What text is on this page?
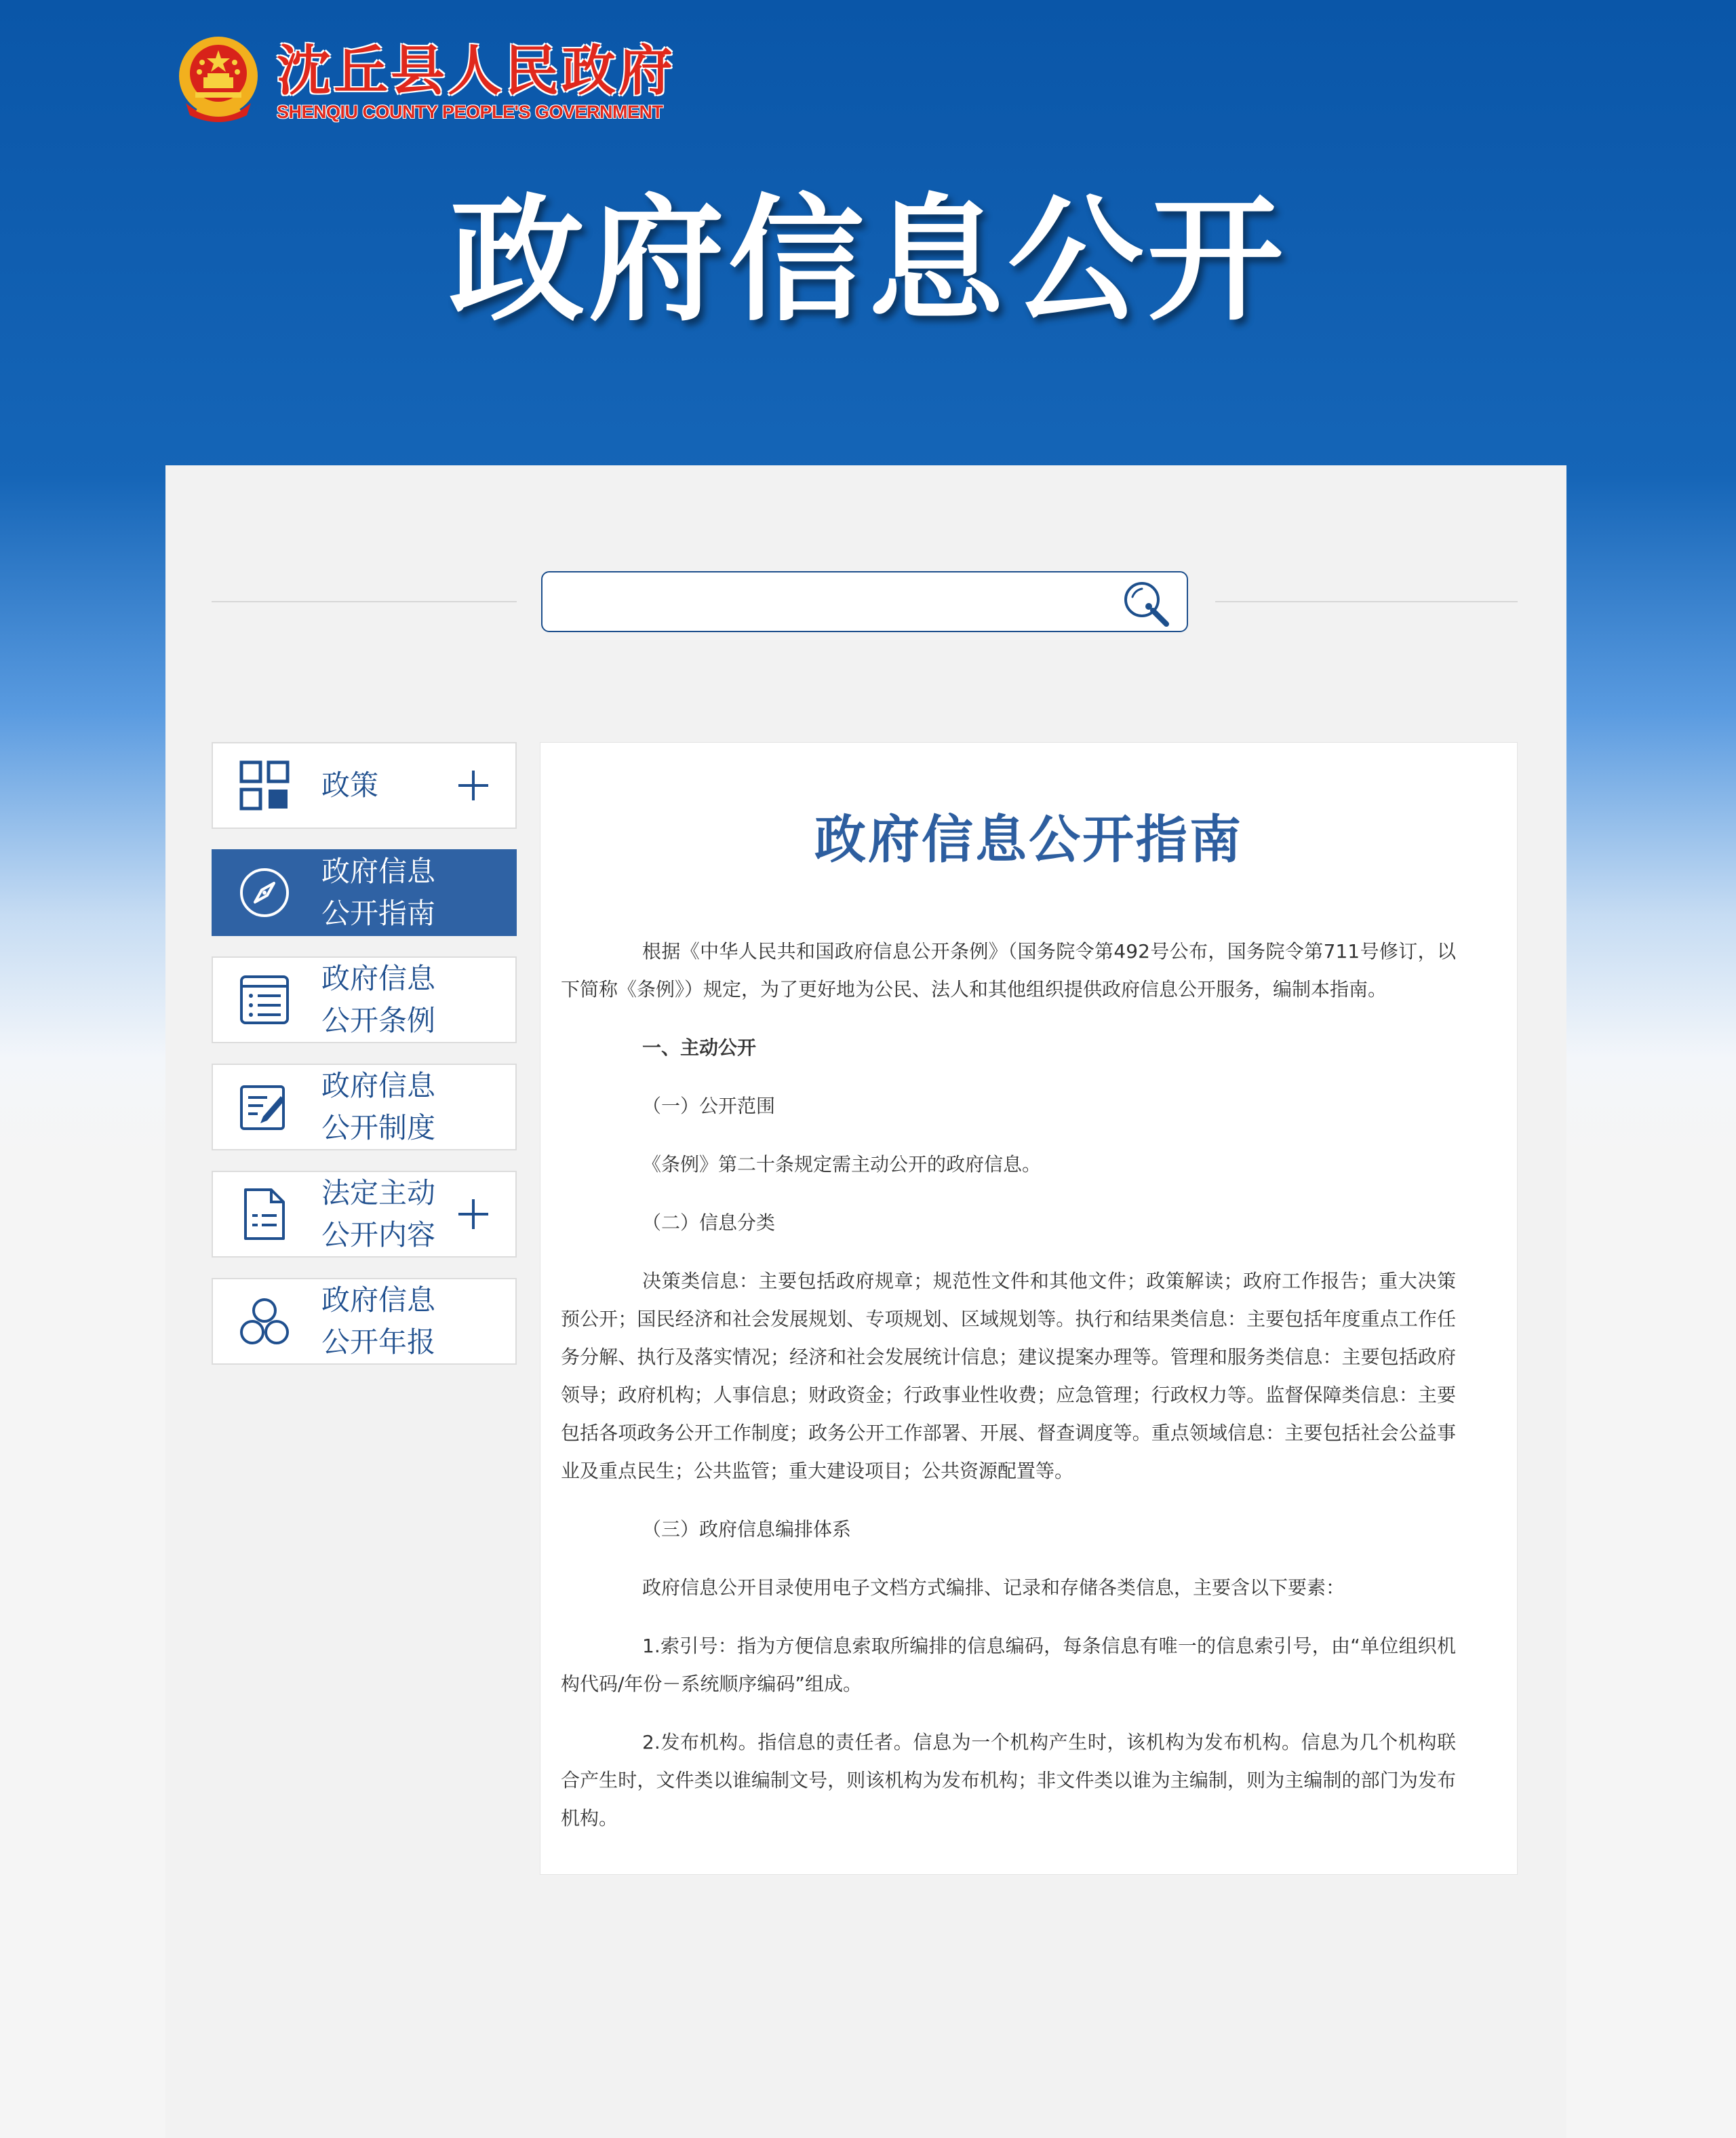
沈丘县人民政府
SHENQIU COUNTY PEOPLE'S GOVERNMENT
政府信息公开
政策
政府信息
公开指南
政府信息
公开条例
政府信息
公开制度
法定主动
公开内容
政府信息
公开年报
政府信息公开指南

根据《中华人民共和国政府信息公开条例》（国务院令第492号公布，国务院令第711号修订，以下简称《条例》）规定，为了更好地为公民、法人和其他组织提供政府信息公开服务，编制本指南。

一、主动公开

（一）公开范围

《条例》第二十条规定需主动公开的政府信息。

（二）信息分类

决策类信息：主要包括政府规章；规范性文件和其他文件；政策解读；政府工作报告；重大决策预公开；国民经济和社会发展规划、专项规划、区域规划等。执行和结果类信息：主要包括年度重点工作任务分解、执行及落实情况；经济和社会发展统计信息；建议提案办理等。管理和服务类信息：主要包括政府领导；政府机构；人事信息；财政资金；行政事业性收费；应急管理；行政权力等。监督保障类信息：主要包括各项政务公开工作制度；政务公开工作部署、开展、督查调度等。重点领域信息：主要包括社会公益事业及重点民生；公共监管；重大建设项目；公共资源配置等。

（三）政府信息编排体系

政府信息公开目录使用电子文档方式编排、记录和存储各类信息，主要含以下要素：

1.索引号：指为方便信息索取所编排的信息编码，每条信息有唯一的信息索引号，由“单位组织机构代码/年份－系统顺序编码”组成。

2.发布机构。指信息的责任者。信息为一个机构产生时，该机构为发布机构。信息为几个机构联合产生时，文件类以谁编制文号，则该机构为发布机构；非文件类以谁为主编制，则为主编制的部门为发布机构。
